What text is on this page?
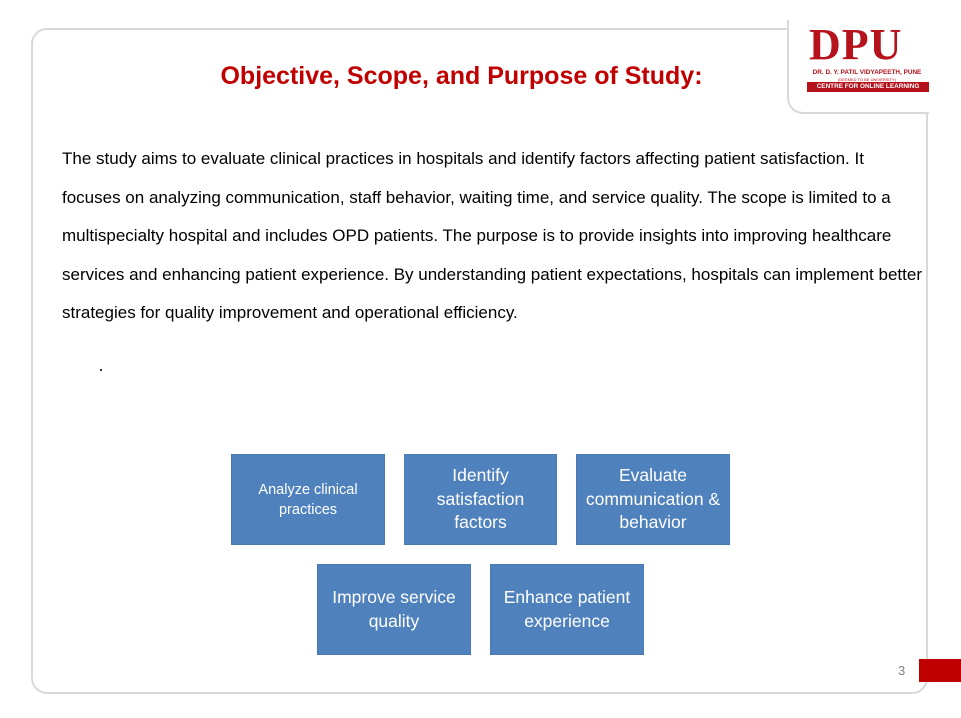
DPU
DR. D. Y. PATIL VIDYAPEETH, PUNE
(DEEMED TO BE UNIVERSITY)
CENTRE FOR ONLINE LEARNING
Objective, Scope, and Purpose of Study:

The study aims to evaluate clinical practices in hospitals and identify factors affecting patient satisfaction. It focuses on analyzing communication, staff behavior, waiting time, and service quality. The scope is limited to a multispecialty hospital and includes OPD patients. The purpose is to provide insights into improving healthcare services and enhancing patient experience. By understanding patient expectations, hospitals can implement better strategies for quality improvement and operational efficiency.

Analyze clinical practices
Identify satisfaction factors
Evaluate communication & behavior
Improve service quality
Enhance patient experience
3
